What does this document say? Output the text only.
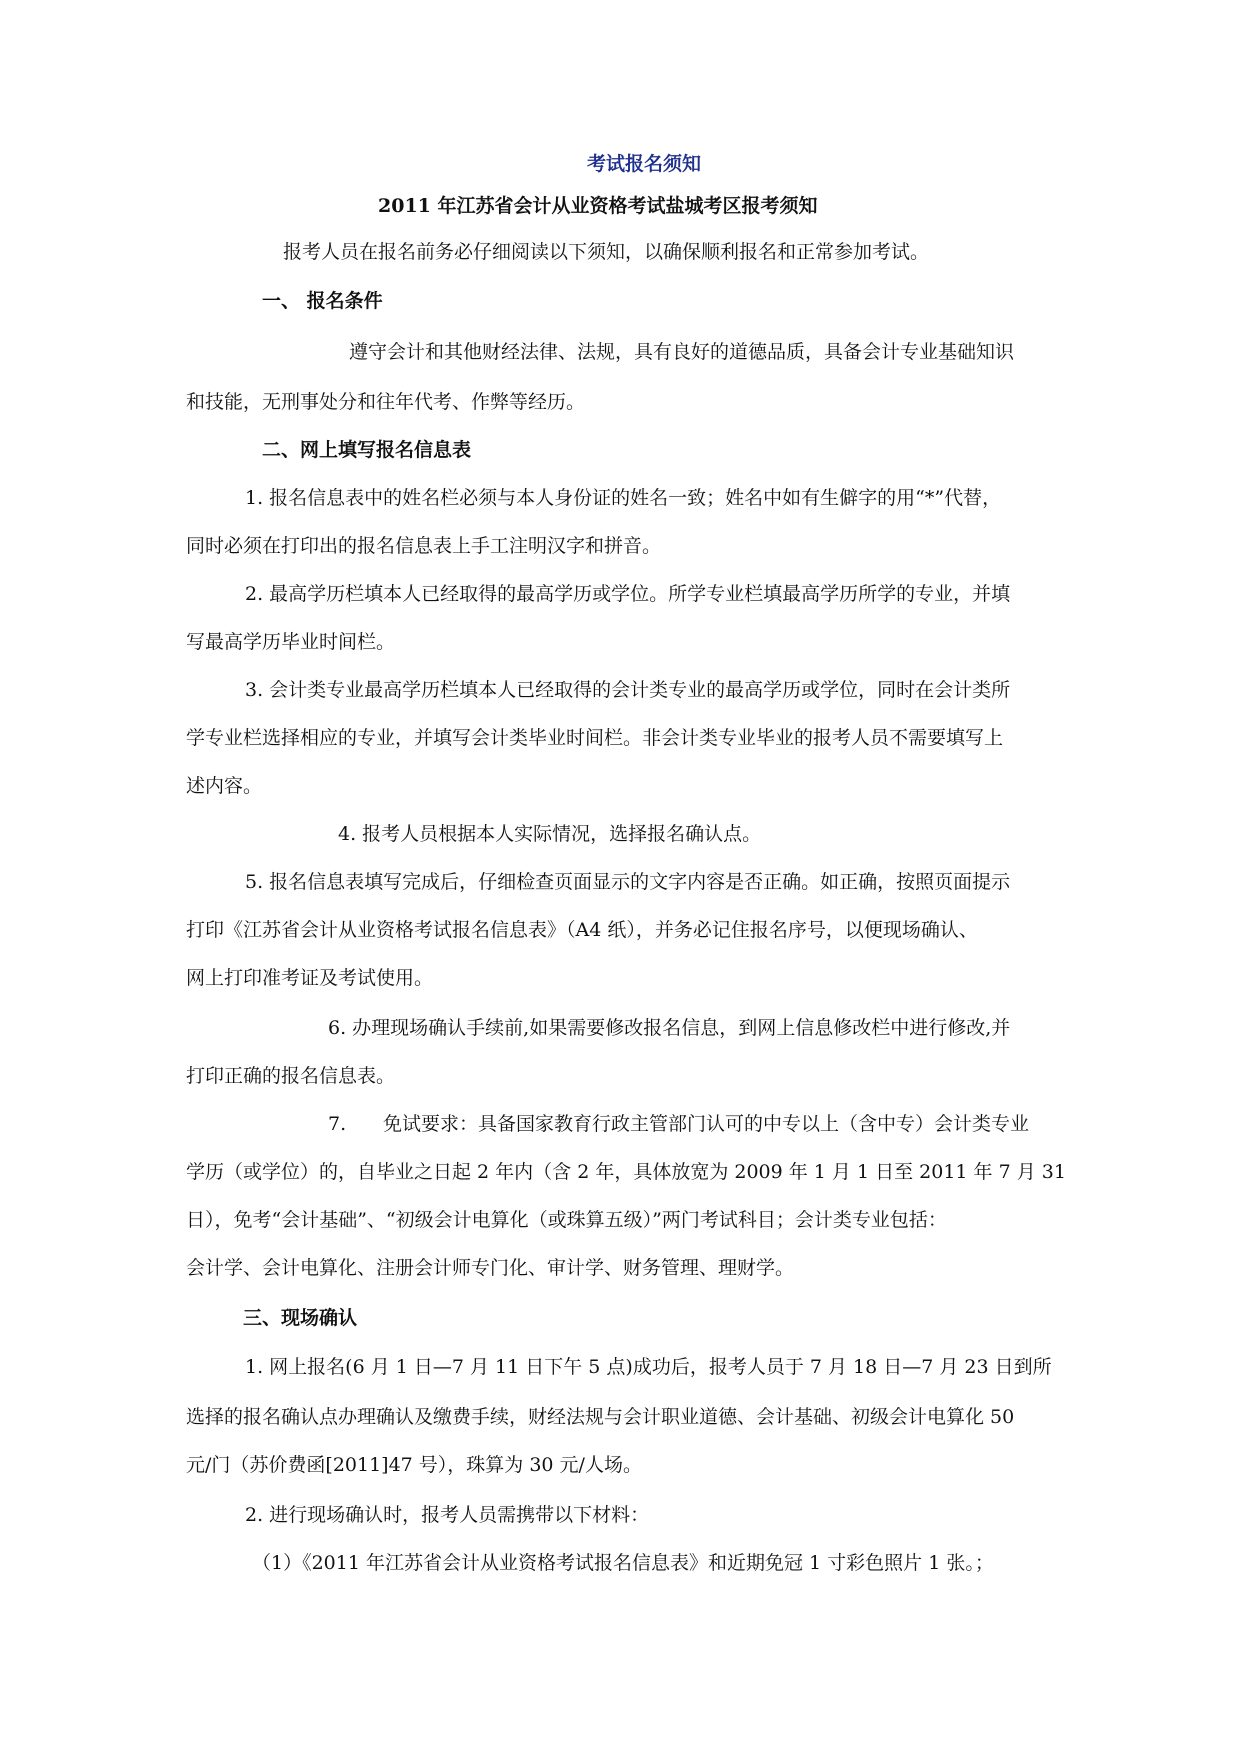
考试报名须知
2011 年江苏省会计从业资格考试盐城考区报考须知
报考人员在报名前务必仔细阅读以下须知，以确保顺利报名和正常参加考试。
一、 报名条件
遵守会计和其他财经法律、法规，具有良好的道德品质，具备会计专业基础知识
和技能，无刑事处分和往年代考、作弊等经历。
二、网上填写报名信息表
1. 报名信息表中的姓名栏必须与本人身份证的姓名一致；姓名中如有生僻字的用“*”代替，
同时必须在打印出的报名信息表上手工注明汉字和拼音。
2. 最高学历栏填本人已经取得的最高学历或学位。所学专业栏填最高学历所学的专业，并填
写最高学历毕业时间栏。
3. 会计类专业最高学历栏填本人已经取得的会计类专业的最高学历或学位，同时在会计类所
学专业栏选择相应的专业，并填写会计类毕业时间栏。非会计类专业毕业的报考人员不需要填写上
述内容。
4. 报考人员根据本人实际情况，选择报名确认点。
5. 报名信息表填写完成后，仔细检查页面显示的文字内容是否正确。如正确，按照页面提示
打印《江苏省会计从业资格考试报名信息表》（A4 纸），并务必记住报名序号，以便现场确认、
网上打印准考证及考试使用。
6. 办理现场确认手续前,如果需要修改报名信息，到网上信息修改栏中进行修改,并
打印正确的报名信息表。
7. 免试要求：具备国家教育行政主管部门认可的中专以上（含中专）会计类专业
学历（或学位）的，自毕业之日起 2 年内（含 2 年，具体放宽为 2009 年 1 月 1 日至 2011 年 7 月 31
日），免考“会计基础”、“初级会计电算化（或珠算五级）”两门考试科目；会计类专业包括：
会计学、会计电算化、注册会计师专门化、审计学、财务管理、理财学。
三、现场确认
1. 网上报名(6 月 1 日—7 月 11 日下午 5 点)成功后，报考人员于 7 月 18 日—7 月 23 日到所
选择的报名确认点办理确认及缴费手续，财经法规与会计职业道德、会计基础、初级会计电算化 50
元/门（苏价费函[2011]47 号），珠算为 30 元/人场。
2. 进行现场确认时，报考人员需携带以下材料：
（1）《2011 年江苏省会计从业资格考试报名信息表》和近期免冠 1 寸彩色照片 1 张。；
